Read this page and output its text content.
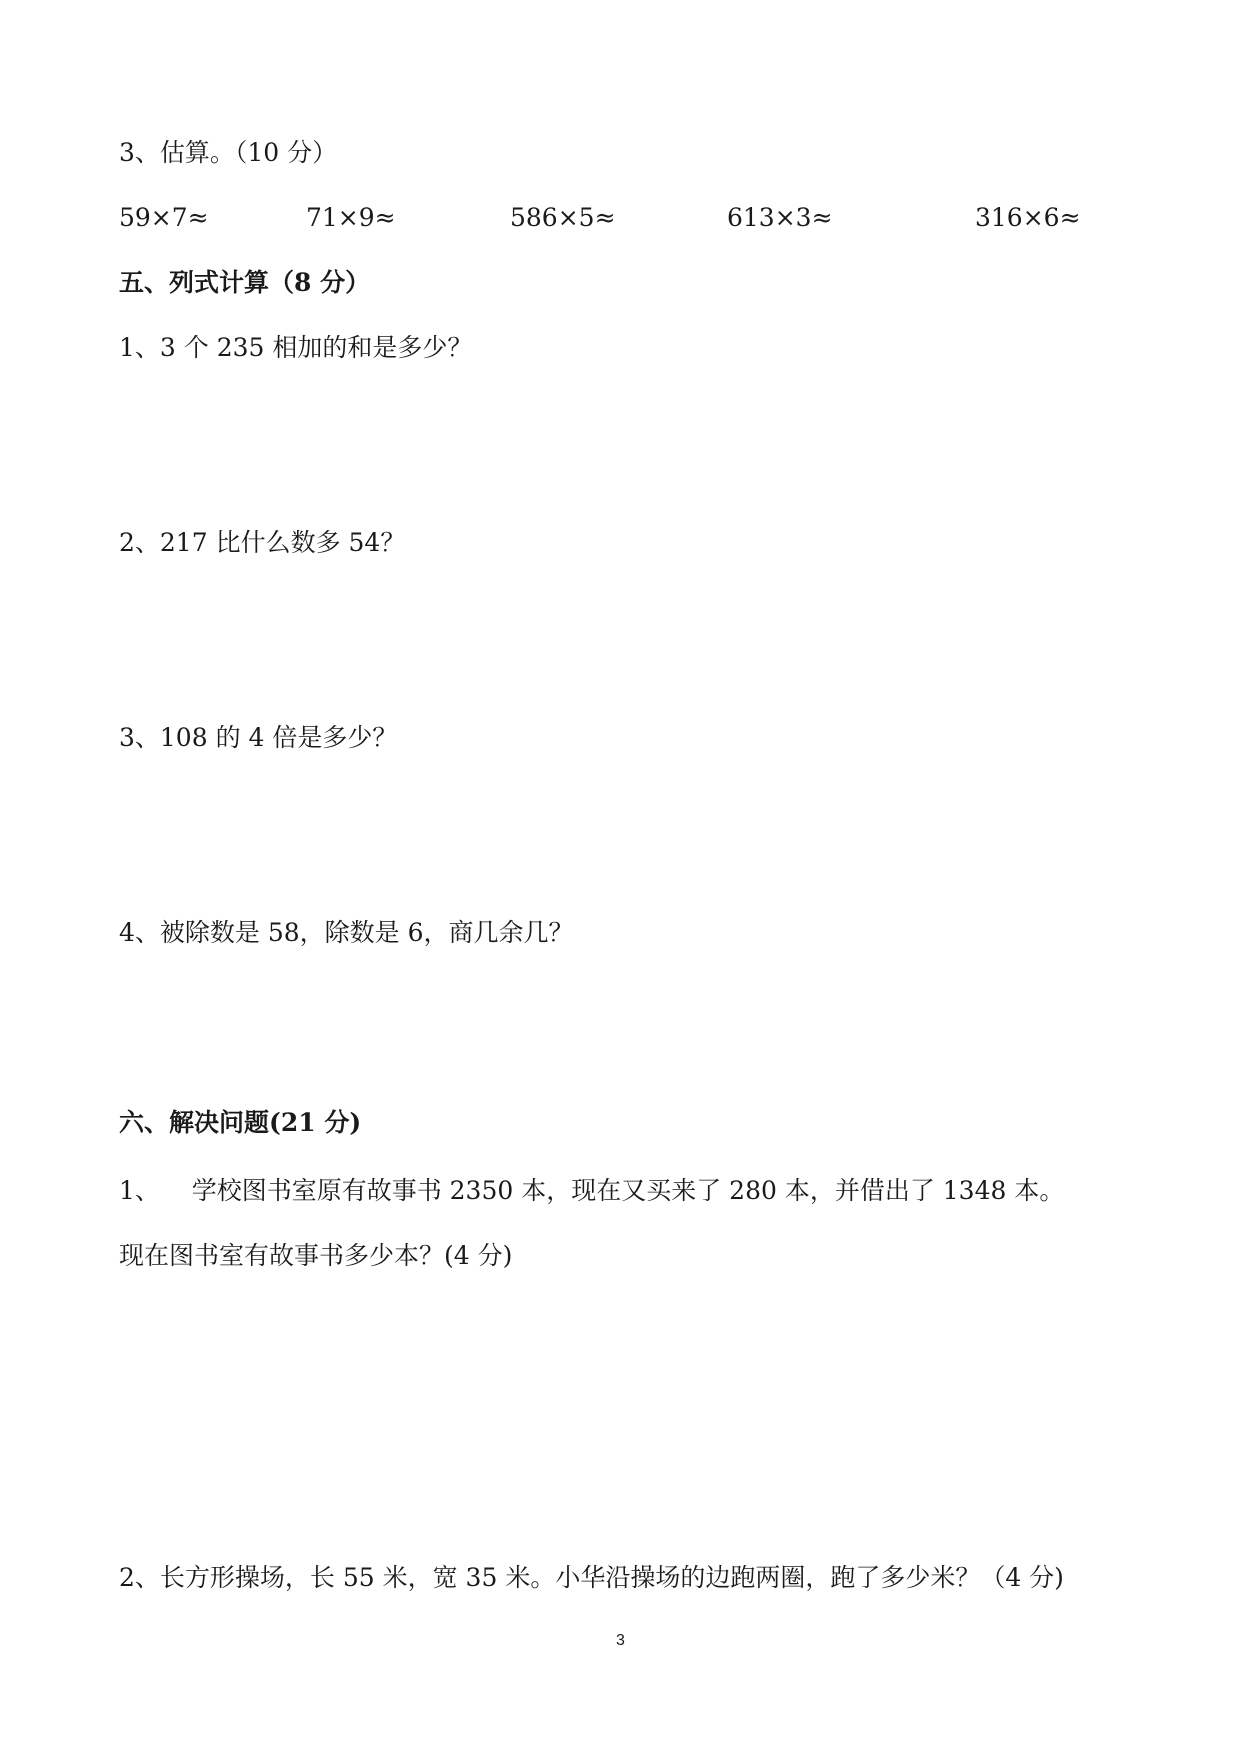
3、估算。（10 分）
59×7≈	71×9≈	586×5≈	613×3≈	316×6≈
五、列式计算（8 分）
1、3 个 235 相加的和是多少？
2、217 比什么数多 54？
3、108 的 4 倍是多少？
4、被除数是 58，除数是 6，商几余几？
六、解决问题(21 分)
1、    学校图书室原有故事书 2350 本，现在又买来了 280 本，并借出了 1348 本。
现在图书室有故事书多少本？(4 分)
2、长方形操场，长 55 米，宽 35 米。小华沿操场的边跑两圈，跑了多少米？（4 分)
3
